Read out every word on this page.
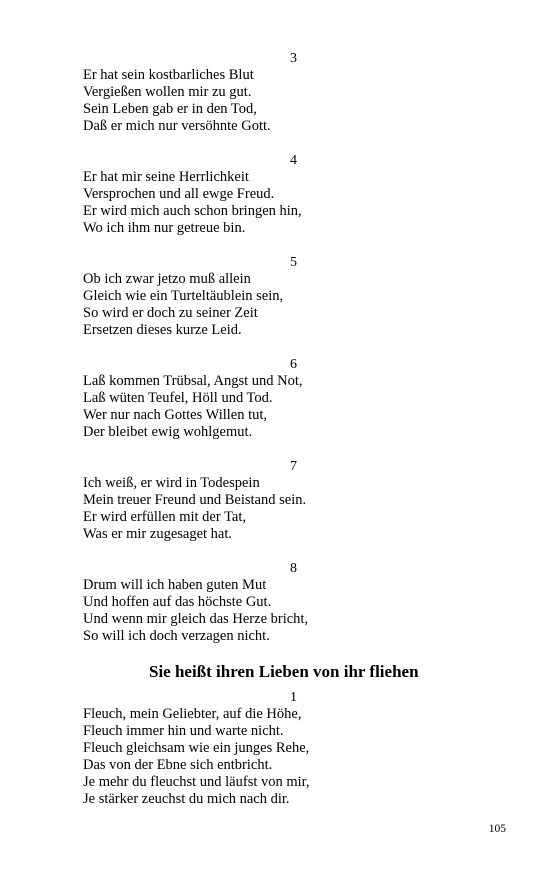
3
Er hat sein kostbarliches Blut
Vergießen wollen mir zu gut.
Sein Leben gab er in den Tod,
Daß er mich nur versöhnte Gott.
4
Er hat mir seine Herrlichkeit
Versprochen und all ewge Freud.
Er wird mich auch schon bringen hin,
Wo ich ihm nur getreue bin.
5
Ob ich zwar jetzo muß allein
Gleich wie ein Turteltäublein sein,
So wird er doch zu seiner Zeit
Ersetzen dieses kurze Leid.
6
Laß kommen Trübsal, Angst und Not,
Laß wüten Teufel, Höll und Tod.
Wer nur nach Gottes Willen tut,
Der bleibet ewig wohlgemut.
7
Ich weiß, er wird in Todespein
Mein treuer Freund und Beistand sein.
Er wird erfüllen mit der Tat,
Was er mir zugesaget hat.
8
Drum will ich haben guten Mut
Und hoffen auf das höchste Gut.
Und wenn mir gleich das Herze bricht,
So will ich doch verzagen nicht.
Sie heißt ihren Lieben von ihr fliehen
1
Fleuch, mein Geliebter, auf die Höhe,
Fleuch immer hin und warte nicht.
Fleuch gleichsam wie ein junges Rehe,
Das von der Ebne sich entbricht.
Je mehr du fleuchst und läufst von mir,
Je stärker zeuchst du mich nach dir.
105
